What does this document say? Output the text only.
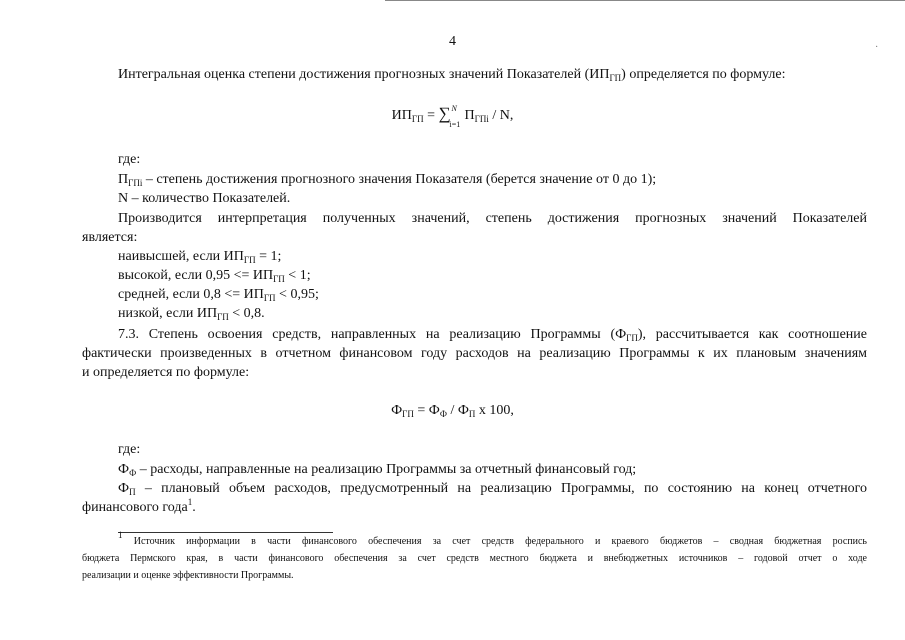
4	·
Интегральная оценка степени достижения прогнозных значений Показателей $(ИП_{ГП})$ определяется по формуле:
$ИП_{ГП}$ = ∑ N
i=1
$П_{ГПi}$ / N,
где:
$П_{ГПi}$ – степень достижения прогнозного значения Показателя (берется значение от 0 до 1);
N – количество Показателей.
Производится интерпретация полученных значений, степень достижения прогнозных значений Показателей
является:
наивысшей, если $ИП_{ГП} = 1$;
высокой, если $0,95 <= ИП_{ГП} < 1$;
средней, если $0,8 <= ИП_{ГП} < 0,95$;
низкой, если $ИП_{ГП} < 0,8$.
7.3. Степень освоения средств, направленных на реализацию Программы $(Ф_{ГП})$, рассчитывается как соотношение
фактически произведенных в отчетном финансовом году расходов на реализацию Программы к их плановым значениям
и определяется по формуле:
$Ф_{ГП} = Ф_Ф / Ф_П$ x 100,
где:
$Ф_Ф$ – расходы, направленные на реализацию Программы за отчетный финансовый год;
$Ф_П$ – плановый объем расходов, предусмотренный на реализацию Программы, по состоянию на конец отчетного
финансового года$^1$.
$^1$ Источник информации в части финансового обеспечения за счет средств федерального и краевого бюджетов – сводная бюджетная роспись
бюджета Пермского края, в части финансового обеспечения за счет средств местного бюджета и внебюджетных источников – годовой отчет о ходе
реализации и оценке эффективности Программы.
